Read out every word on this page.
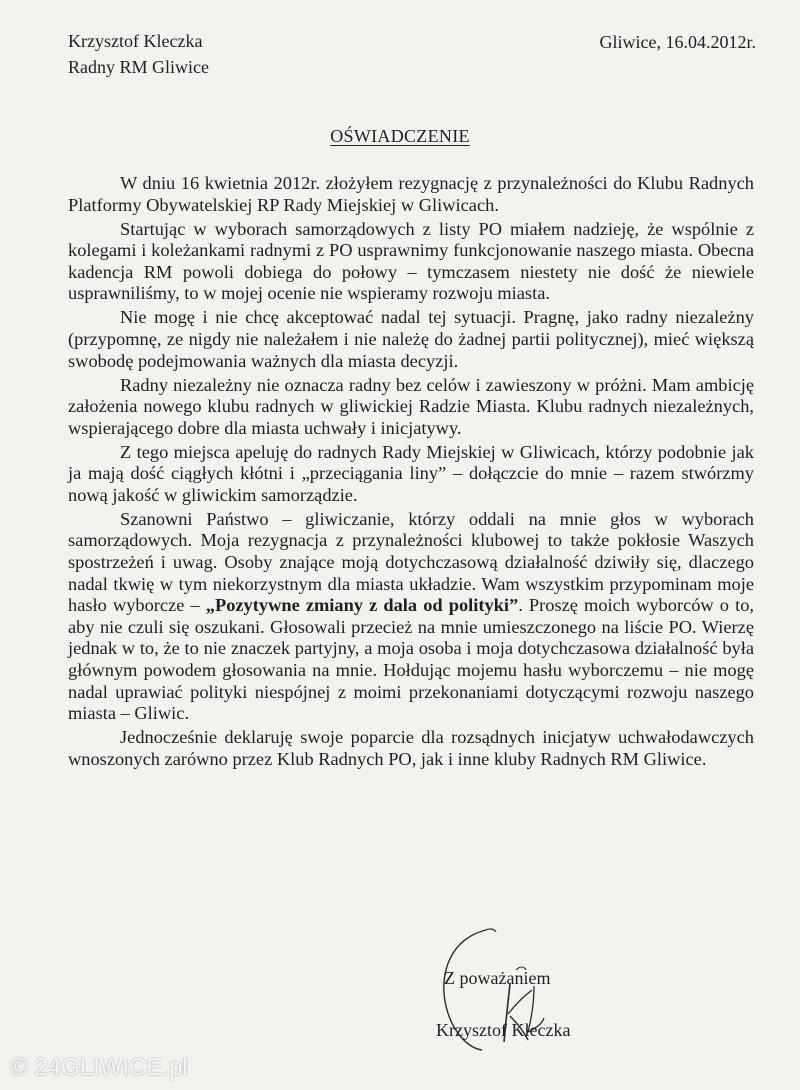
Krzysztof Kleczka
Radny RM Gliwice
Gliwice, 16.04.2012r.
OŚWIADCZENIE

W dniu 16 kwietnia 2012r. złożyłem rezygnację z przynależności do Klubu Radnych Platformy Obywatelskiej RP Rady Miejskiej w Gliwicach.

Startując w wyborach samorządowych z listy PO miałem nadzieję, że wspólnie z kolegami i koleżankami radnymi z PO usprawnimy funkcjonowanie naszego miasta. Obecna kadencja RM powoli dobiega do połowy – tymczasem niestety nie dość że niewiele usprawniliśmy, to w mojej ocenie nie wspieramy rozwoju miasta.

Nie mogę i nie chcę akceptować nadal tej sytuacji. Pragnę, jako radny niezależny (przypomnę, ze nigdy nie należałem i nie należę do żadnej partii politycznej), mieć większą swobodę podejmowania ważnych dla miasta decyzji.

Radny niezależny nie oznacza radny bez celów i zawieszony w próżni. Mam ambicję założenia nowego klubu radnych w gliwickiej Radzie Miasta. Klubu radnych niezależnych, wspierającego dobre dla miasta uchwały i inicjatywy.

Z tego miejsca apeluję do radnych Rady Miejskiej w Gliwicach, którzy podobnie jak ja mają dość ciągłych kłótni i „przeciągania liny” – dołączcie do mnie – razem stwórzmy nową jakość w gliwickim samorządzie.

Szanowni Państwo – gliwiczanie, którzy oddali na mnie głos w wyborach samorządowych. Moja rezygnacja z przynależności klubowej to także pokłosie Waszych spostrzeżeń i uwag. Osoby znające moją dotychczasową działalność dziwiły się, dlaczego nadal tkwię w tym niekorzystnym dla miasta układzie. Wam wszystkim przypominam moje hasło wyborcze – „Pozytywne zmiany z dala od polityki”. Proszę moich wyborców o to, aby nie czuli się oszukani. Głosowali przecież na mnie umieszczonego na liście PO. Wierzę jednak w to, że to nie znaczek partyjny, a moja osoba i moja dotychczasowa działalność była głównym powodem głosowania na mnie. Hołdując mojemu hasłu wyborczemu – nie mogę nadal uprawiać polityki niespójnej z moimi przekonaniami dotyczącymi rozwoju naszego miasta – Gliwic.

Jednocześnie deklaruję swoje poparcie dla rozsądnych inicjatyw uchwałodawczych wnoszonych zarówno przez Klub Radnych PO, jak i inne kluby Radnych RM Gliwice.

Z poważaniem
Krzysztof Kleczka
© 24GLIWICE.pl
